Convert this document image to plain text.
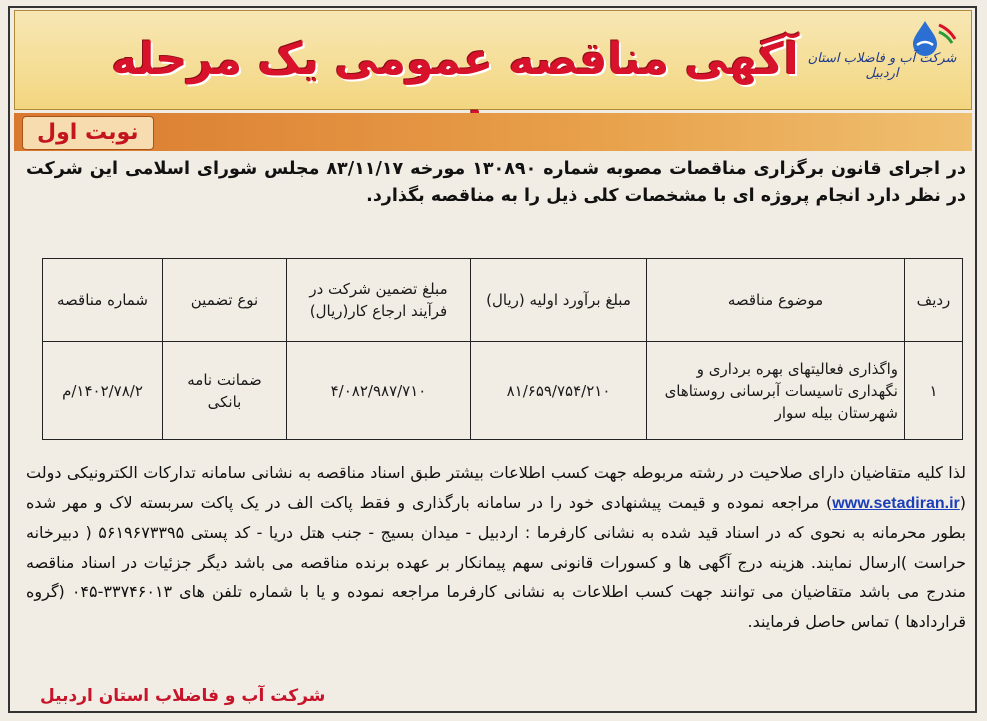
آگهی مناقصه عمومی یک مرحله	شرکت آب و فاضلاب استان اردبیل
نوبت اول
در اجرای قانون برگزاری مناقصات مصوبه شماره ۱۳۰۸۹۰ مورخه ۸۳/۱۱/۱۷ مجلس شورای اسلامی این شرکت در نظر دارد انجام پروژه ای با مشخصات کلی ذیل را به مناقصه بگذارد.
ردیف	موضوع مناقصه	مبلغ برآورد اولیه (ریال)	مبلغ تضمین شرکت در فرآیند ارجاع کار(ریال)	نوع تضمین	شماره مناقصه
۱	واگذاری فعالیتهای بهره برداری و نگهداری تاسیسات آبرسانی روستاهای شهرستان بیله سوار	۸۱/۶۵۹/۷۵۴/۲۱۰	۴/۰۸۲/۹۸۷/۷۱۰	ضمانت نامه بانکی	۱۴۰۲/۷۸/۲/م
لذا کلیه متقاضیان دارای صلاحیت در رشته مربوطه جهت کسب اطلاعات بیشتر طبق اسناد مناقصه به نشانی سامانه تدارکات الکترونیکی دولت (www.setadiran.ir) مراجعه نموده و قیمت پیشنهادی خود را در سامانه بارگذاری و فقط پاکت الف در یک پاکت سربسته لاک و مهر شده بطور محرمانه به نحوی که در اسناد قید شده به نشانی کارفرما : اردبیل - میدان بسیج - جنب هتل دریا - کد پستی ۵۶۱۹۶۷۳۳۹۵ ( دبیرخانه حراست )ارسال نمایند. هزینه درج آگهی ها و کسورات قانونی سهم پیمانکار بر عهده برنده مناقصه می باشد دیگر جزئیات در اسناد مناقصه مندرج می باشد متقاضیان می توانند جهت کسب اطلاعات به نشانی کارفرما مراجعه نموده و یا با شماره تلفن های ۳۳۷۴۶۰۱۳-۰۴۵ (گروه قراردادها ) تماس حاصل فرمایند.
شرکت آب و فاضلاب استان اردبیل
